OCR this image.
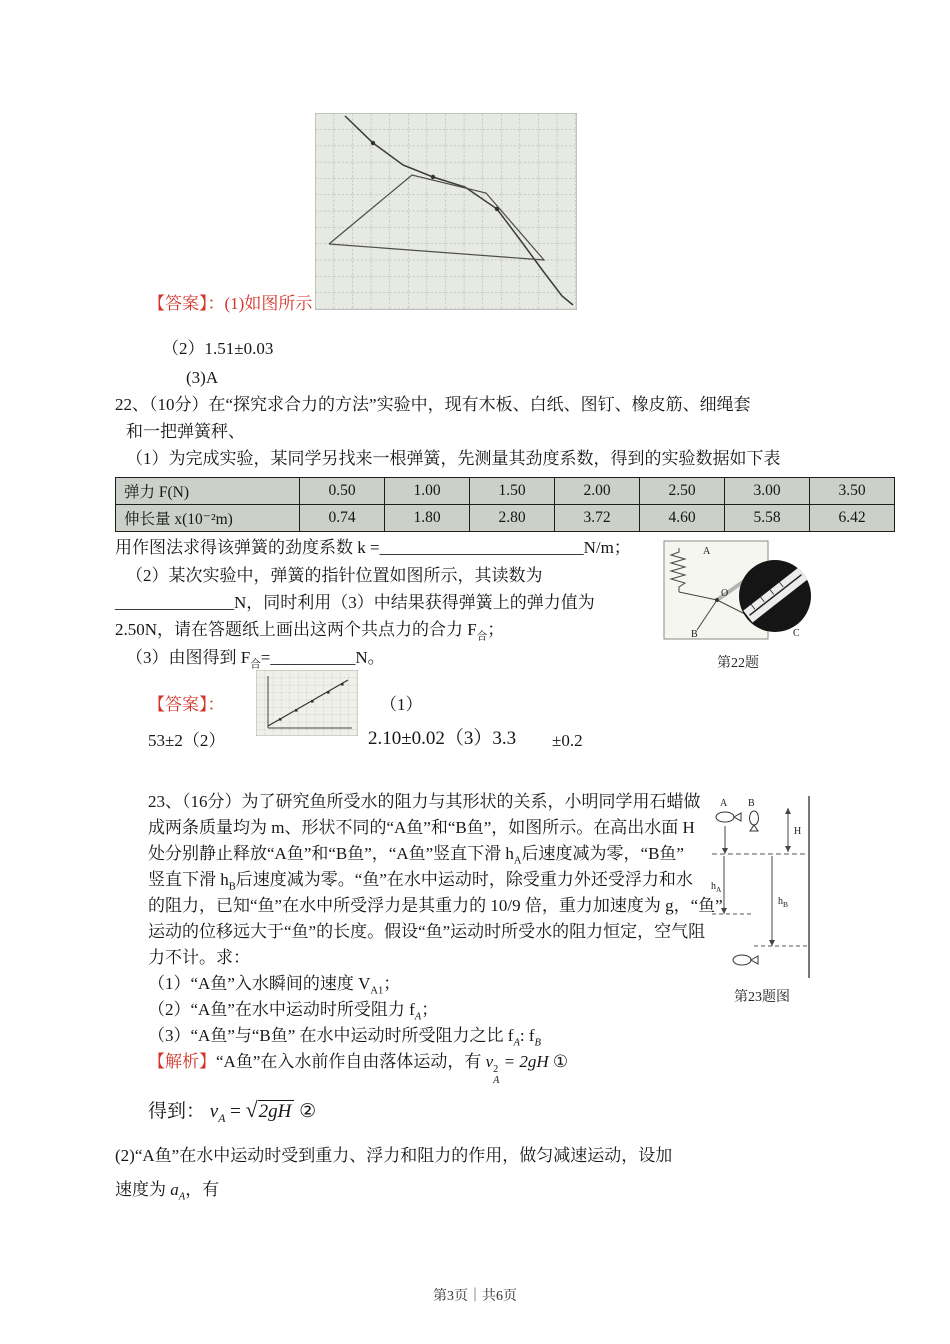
【答案】：(1)如图所示
（2）1.51±0.03
(3)A
22、（10分）在“探究求合力的方法”实验中，现有木板、白纸、图钉、橡皮筋、细绳套
和一把弹簧秤、
（1）为完成实验，某同学另找来一根弹簧，先测量其劲度系数，得到的实验数据如下表
弹力 F(N)	0.50	1.00	1.50	2.00	2.50	3.00	3.50
伸长量 x(10⁻²m)	0.74	1.80	2.80	3.72	4.60	5.58	6.42
用作图法求得该弹簧的劲度系数 k =________________________N/m；	A
O
B	C
第22题
（2）某次实验中，弹簧的指针位置如图所示，其读数为
______________N，同时利用（3）中结果获得弹簧上的弹力值为
2.50N，请在答题纸上画出这两个共点力的合力 $F_合$；
（3）由图得到 $F_合=\_\_\_\_\_\_\_\_\_\_N$。
【答案】：	（1）
53±2（2）	2.10±0.02（3）3.3 ±0.2
23、（16分）为了研究鱼所受水的阻力与其形状的关系，小明同学用石蜡做
成两条质量均为 m、形状不同的“A鱼”和“B鱼”，如图所示。在高出水面 H
处分别静止释放“A鱼”和“B鱼”，“A鱼”竖直下滑 $h_A$后速度减为零，“B鱼”
竖直下滑 $h_B$后速度减为零。“鱼”在水中运动时，除受重力外还受浮力和水
的阻力，已知“鱼”在水中所受浮力是其重力的 10/9 倍，重力加速度为 g，“鱼”
运动的位移远大于“鱼”的长度。假设“鱼”运动时所受水的阻力恒定，空气阻
力不计。求：
（1）“A鱼”入水瞬间的速度 $V_{A1}$；
（2）“A鱼”在水中运动时所受阻力 $f_A$；
（3）“A鱼”与“B鱼” 在水中运动时所受阻力之比 $f_A$: $f_B$
A B
H
$h_A$
$h_B$
第23题图
【解析】“A鱼”在入水前作自由落体运动，有 v 2
A
= 2gH ①
得到： $v_A = √2gH$ ②
(2)“A鱼”在水中运动时受到重力、浮力和阻力的作用，做匀减速运动，设加
速度为 $a_A$，有
第3页｜共6页
